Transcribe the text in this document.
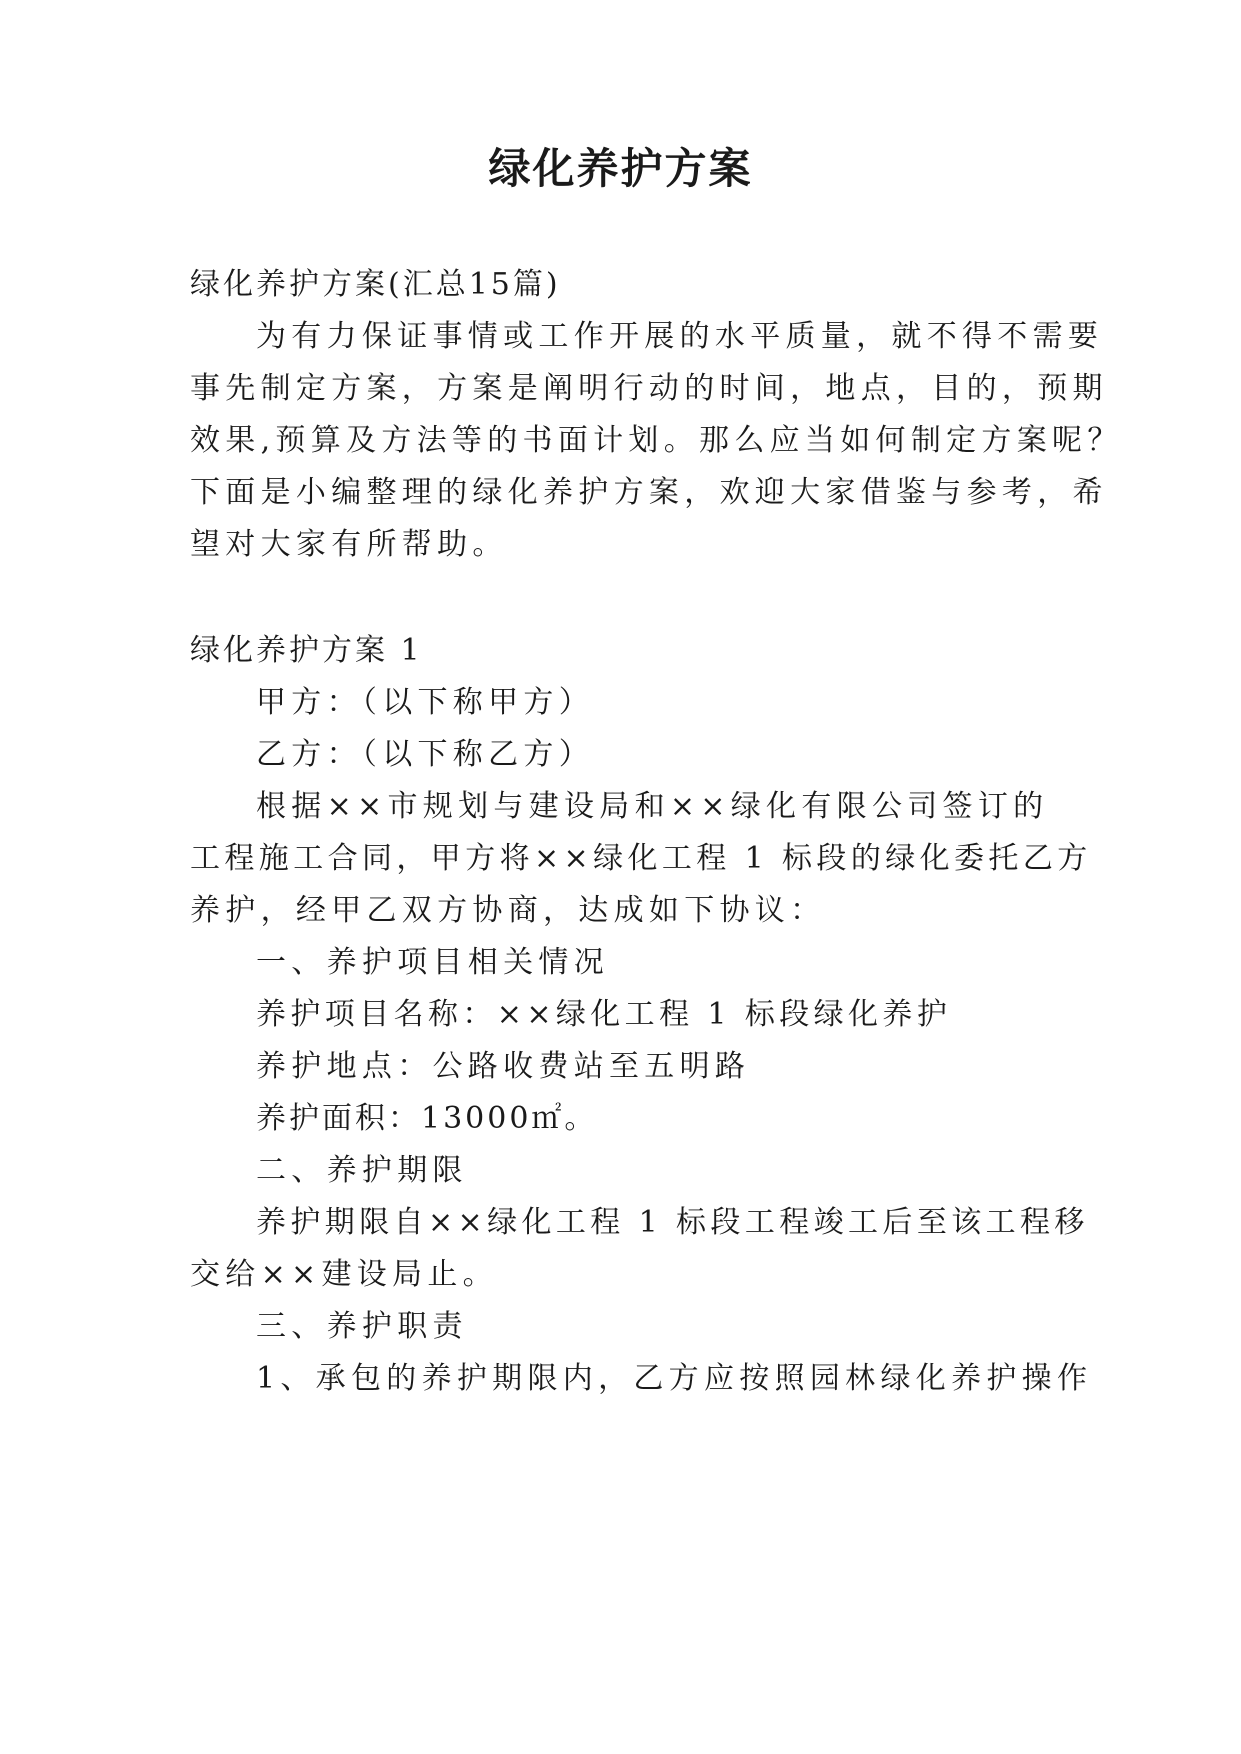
绿化养护方案
绿化养护方案(汇总15篇)
为有力保证事情或工作开展的水平质量，就不得不需要
事先制定方案，方案是阐明行动的时间，地点，目的，预期
效果,预算及方法等的书面计划。那么应当如何制定方案呢？
下面是小编整理的绿化养护方案，欢迎大家借鉴与参考，希
望对大家有所帮助。
绿化养护方案 1
甲方：（以下称甲方）
乙方：（以下称乙方）
根据××市规划与建设局和××绿化有限公司签订的
工程施工合同，甲方将××绿化工程 1 标段的绿化委托乙方
养护，经甲乙双方协商，达成如下协议：
一、养护项目相关情况
养护项目名称：××绿化工程 1 标段绿化养护
养护地点：公路收费站至五明路
养护面积：13000㎡。
二、养护期限
养护期限自××绿化工程 1 标段工程竣工后至该工程移
交给××建设局止。
三、养护职责
1、承包的养护期限内，乙方应按照园林绿化养护操作
